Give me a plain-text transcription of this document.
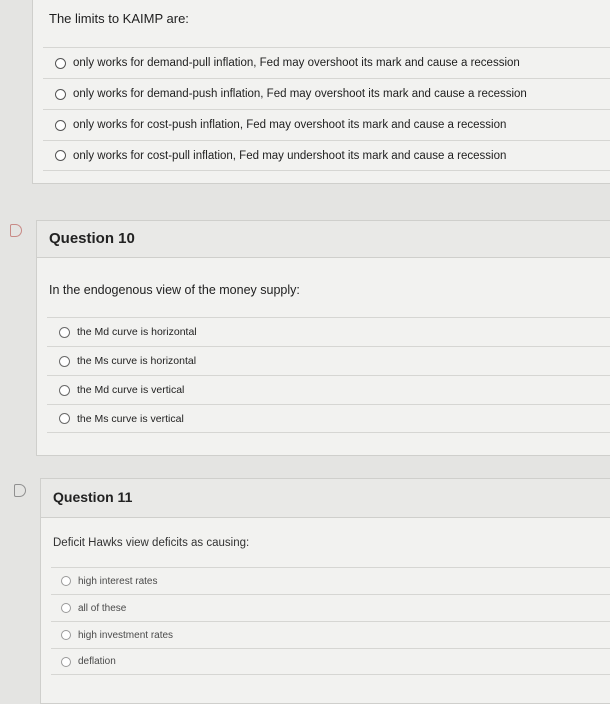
The limits to KAIMP are:
only works for demand-pull inflation, Fed may overshoot its mark and cause a recession
only works for demand-push inflation, Fed may overshoot its mark and cause a recession
only works for cost-push inflation, Fed may overshoot its mark and cause a recession
only works for cost-pull inflation, Fed may undershoot its mark and cause a recession
Question 10
In the endogenous view of the money supply:
the Md curve is horizontal
the Ms curve is horizontal
the Md curve is vertical
the Ms curve is vertical
Question 11
Deficit Hawks view deficits as causing:
high interest rates
all of these
high investment rates
deflation
